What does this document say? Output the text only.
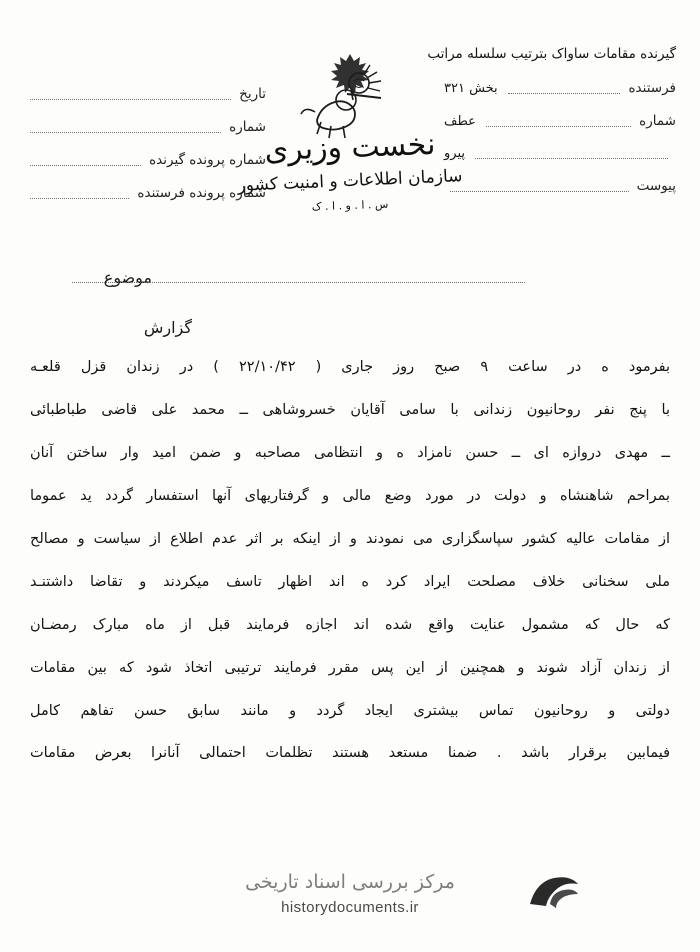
گیرنده مقامات ساواک بترتیب سلسله مراتب
نخست وزیری
سازمان اطلاعات و امنیت کشور
س . ا . و . ا . ک
فرستنده
بخش ۳۲۱
شماره
عطف
پیرو
پیوست
تاریخ
شماره
شماره پرونده گیرنده
شماره پرونده فرستنده
موضوع
گزارش
بفرمود ه در ساعت ۹ صبح روز جاری ( ۲۲/۱۰/۴۲ ) در زندان قزل قلعـه
با پنج نفر روحانیون زندانی با سامی آقایان خسروشاهی ــ محمد علی قاضی طباطبائی
ــ مهدی دروازه ای ــ حسن نامزاد ه و انتظامی مصاحبه و ضمن امید وار ساختن آنان
بمراحم شاهنشاه و دولت در مورد وضع مالی و گرفتاریهای آنها استفسار گردد ید عموما
از مقامات عالیه کشور سپاسگزاری می نمودند و از اینکه بر اثر عدم اطلاع از سیاست و مصالح
ملی سخنانی خلاف مصلحت ایراد کرد ه اند اظهار تاسف میکردند و تقاضا داشتنـد
که حال که مشمول عنایت واقع شده اند اجازه فرمایند قبل از ماه مبارک رمضـان
از زندان آزاد شوند و همچنین از این پس مقرر فرمایند ترتیبی اتخاذ شود که بین مقامات
دولتی و روحانیون تماس بیشتری ایجاد گردد و مانند سابق حسن تفاهم کامل
فیمابین برقرار باشد . ضمنا مستعد هستند تظلمات احتمالی آنانرا بعرض مقامات
مرکز بررسی اسناد تاریخی
historydocuments.ir
